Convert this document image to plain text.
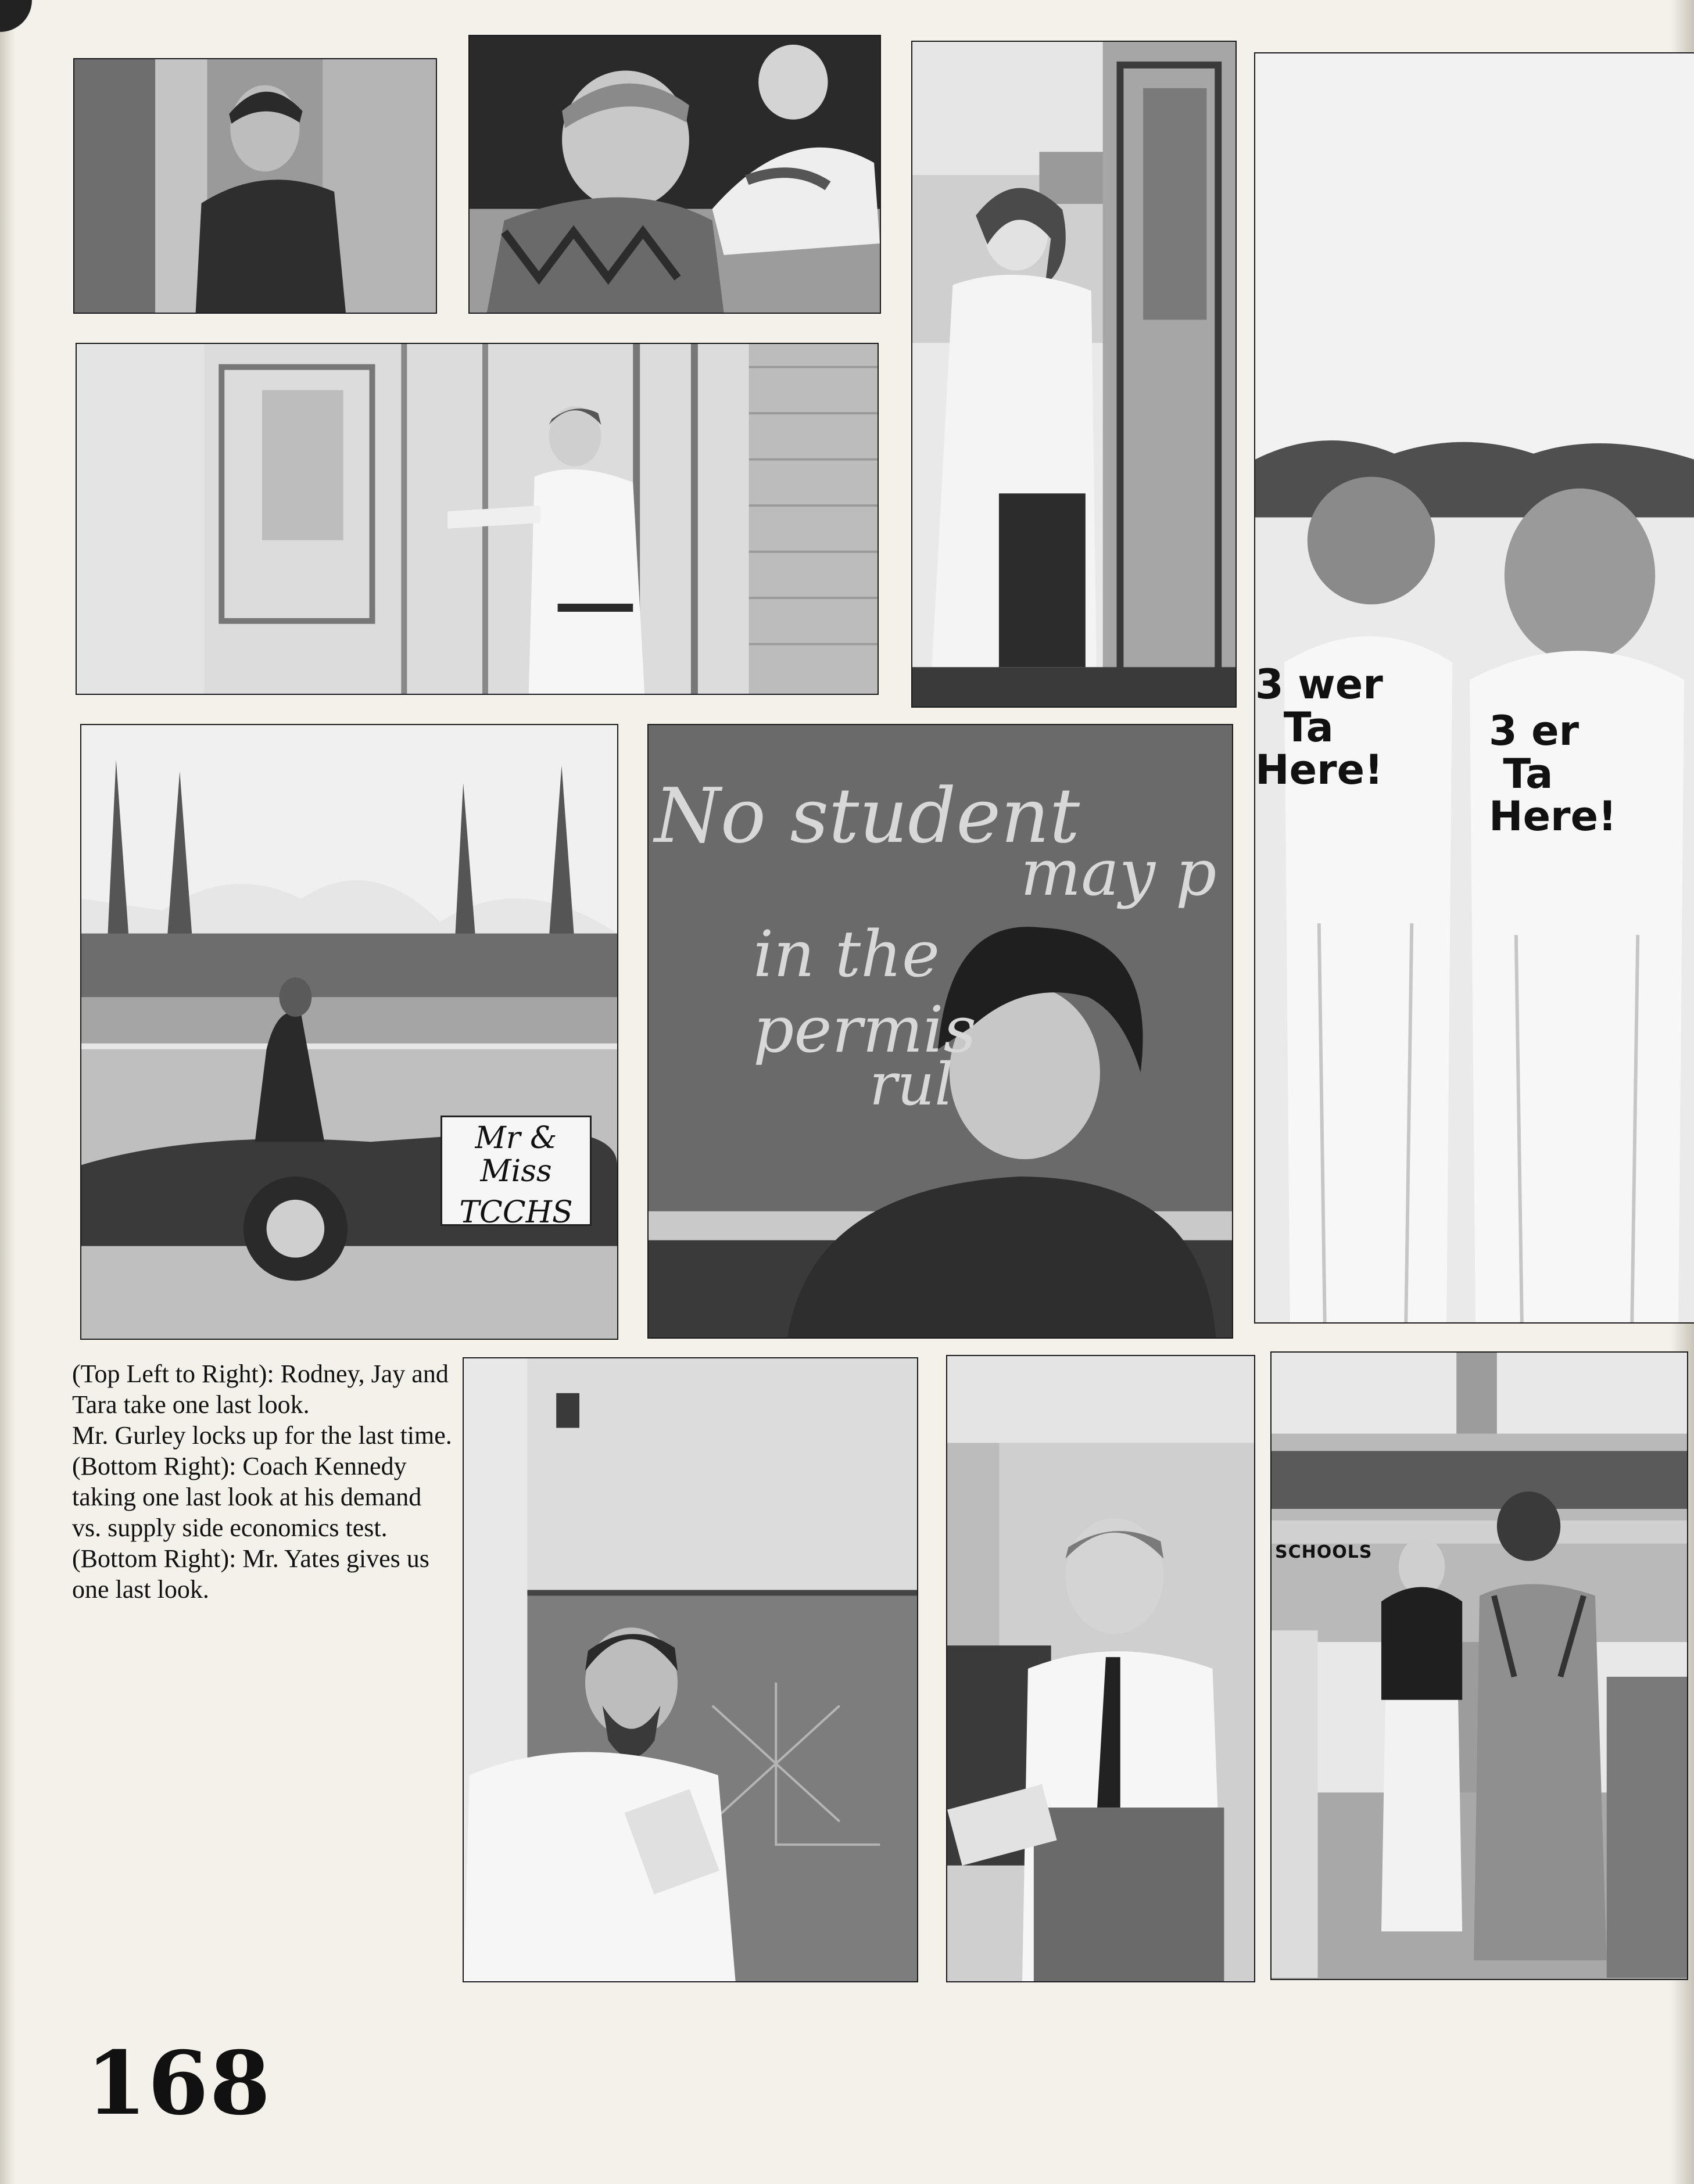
3 wer
Ta
Here!
3 er
Ta
Here!
Mr & Miss
TCCHS
No student
may p
in the
permis
rul
SCHOOLS

(Top Left to Right): Rodney, Jay and Tara take one last look.

Mr. Gurley locks up for the last time.

(Bottom Right): Coach Kennedy taking one last look at his demand vs. supply side economics test.

(Bottom Right): Mr. Yates gives us one last look.

168
